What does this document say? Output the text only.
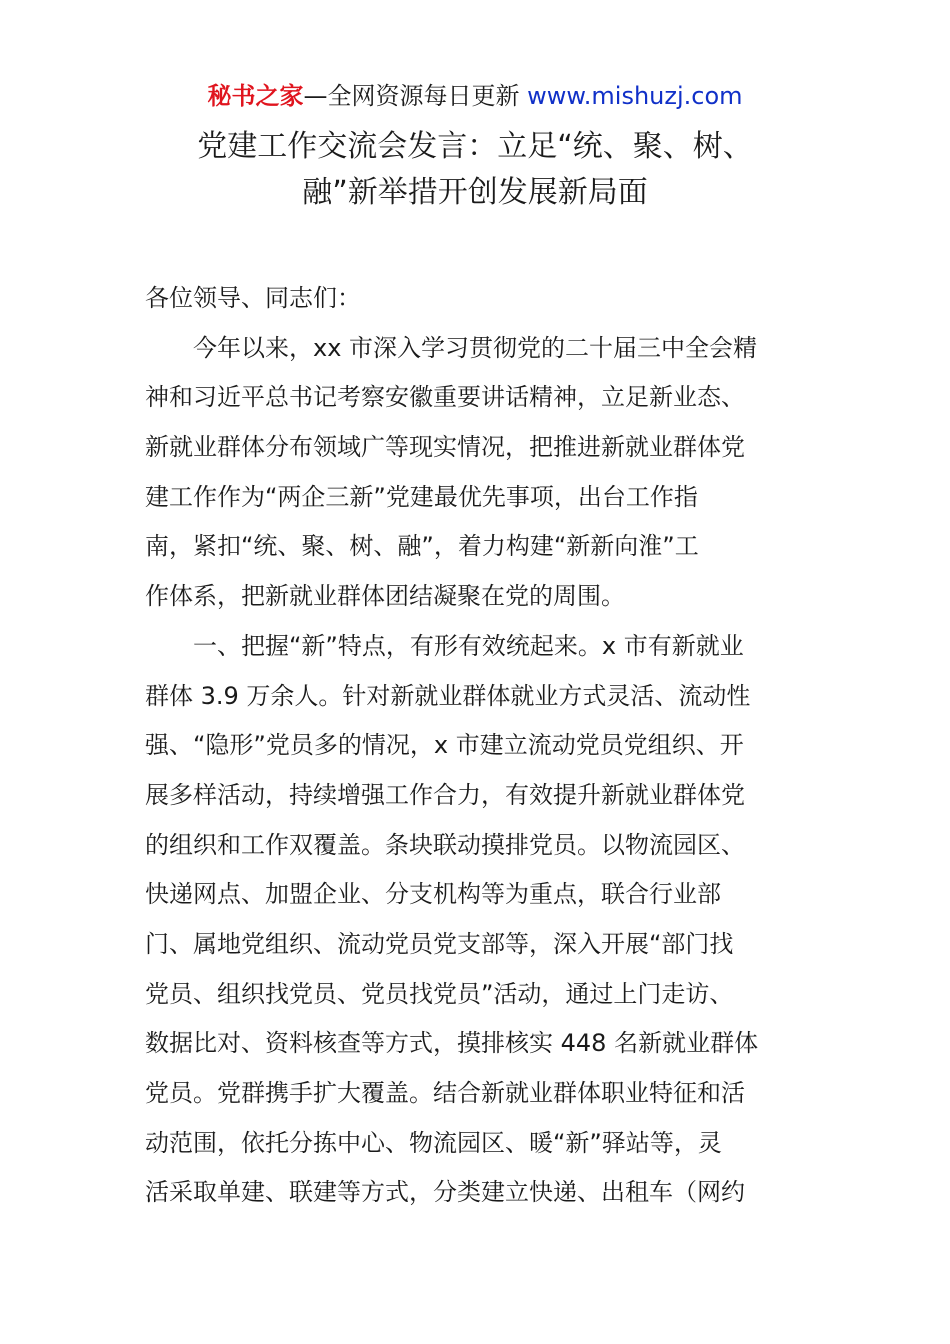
秘书之家—全网资源每日更新 www.mishuzj.com
党建工作交流会发言：立足“统、聚、树、
融”新举措开创发展新局面
各位领导、同志们：
今年以来，xx 市深入学习贯彻党的二十届三中全会精
神和习近平总书记考察安徽重要讲话精神，立足新业态、
新就业群体分布领域广等现实情况，把推进新就业群体党
建工作作为“两企三新”党建最优先事项，出台工作指
南，紧扣“统、聚、树、融”，着力构建“新新向淮”工
作体系，把新就业群体团结凝聚在党的周围。
一、把握“新”特点，有形有效统起来。x 市有新就业
群体 3.9 万余人。针对新就业群体就业方式灵活、流动性
强、“隐形”党员多的情况，x 市建立流动党员党组织、开
展多样活动，持续增强工作合力，有效提升新就业群体党
的组织和工作双覆盖。条块联动摸排党员。以物流园区、
快递网点、加盟企业、分支机构等为重点，联合行业部
门、属地党组织、流动党员党支部等，深入开展“部门找
党员、组织找党员、党员找党员”活动，通过上门走访、
数据比对、资料核查等方式，摸排核实 448 名新就业群体
党员。党群携手扩大覆盖。结合新就业群体职业特征和活
动范围，依托分拣中心、物流园区、暖“新”驿站等，灵
活采取单建、联建等方式，分类建立快递、出租车（网约
